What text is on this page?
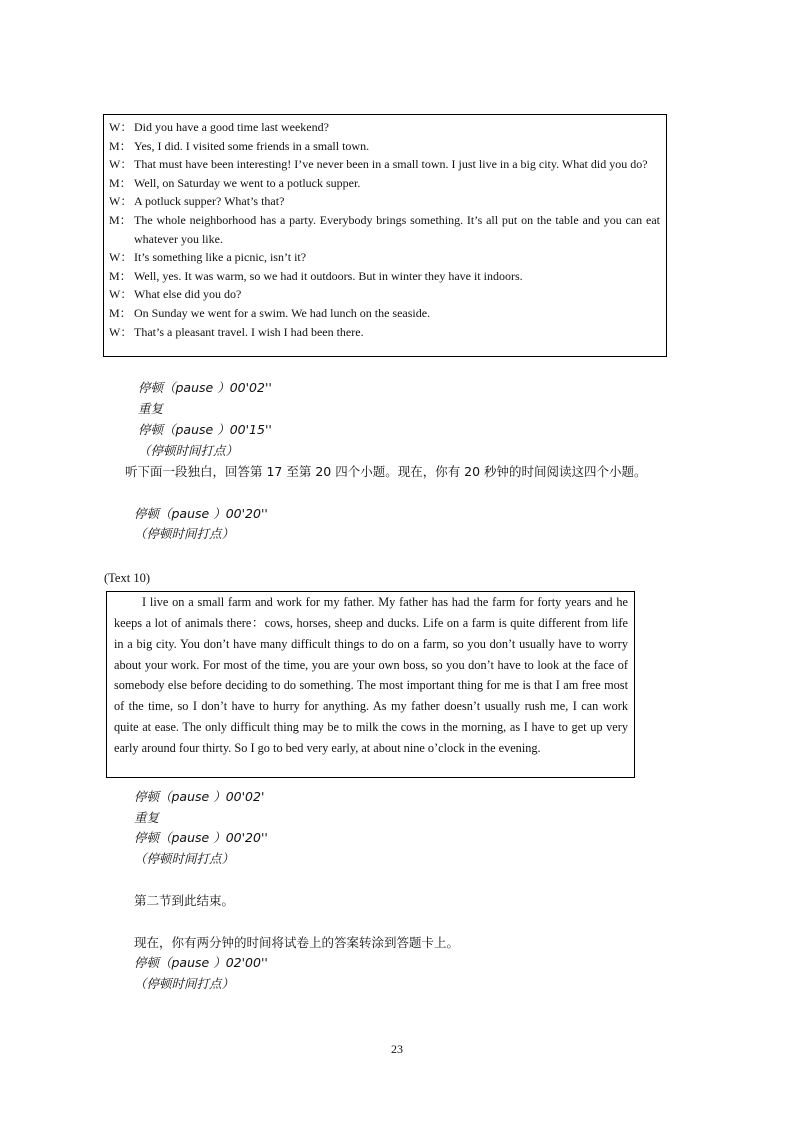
W： Did you have a good time last weekend?
M： Yes, I did. I visited some friends in a small town.
W： That must have been interesting! I’ve never been in a small town. I just live in a big city. What did you do?
M： Well, on Saturday we went to a potluck supper.
W： A potluck supper? What’s that?
M： The whole neighborhood has a party. Everybody brings something. It’s all put on the table and you can eat whatever you like.
W： It’s something like a picnic, isn’t it?
M： Well, yes. It was warm, so we had it outdoors. But in winter they have it indoors.
W： What else did you do?
M： On Sunday we went for a swim. We had lunch on the seaside.
W： That’s a pleasant travel. I wish I had been there.
停顿（pause ）00'02''
重复
停顿（pause ）00'15''
（停顿时间打点）
听下面一段独白，回答第 17 至第 20 四个小题。现在，你有 20 秒钟的时间阅读这四个小题。
停顿（pause ）00'20''
（停顿时间打点）
(Text 10)
I live on a small farm and work for my father. My father has had the farm for forty years and he keeps a lot of animals there：cows, horses, sheep and ducks. Life on a farm is quite different from life in a big city. You don’t have many difficult things to do on a farm, so you don’t usually have to worry about your work. For most of the time, you are your own boss, so you don’t have to look at the face of somebody else before deciding to do something. The most important thing for me is that I am free most of the time, so I don’t have to hurry for anything. As my father doesn’t usually rush me, I can work quite at ease. The only difficult thing may be to milk the cows in the morning, as I have to get up very early around four thirty. So I go to bed very early, at about nine o’clock in the evening.
停顿（pause ）00'02'
重复
停顿（pause ）00'20''
（停顿时间打点）
第二节到此结束。
现在，你有两分钟的时间将试卷上的答案转涂到答题卡上。
停顿（pause ）02'00''
（停顿时间打点）
23
